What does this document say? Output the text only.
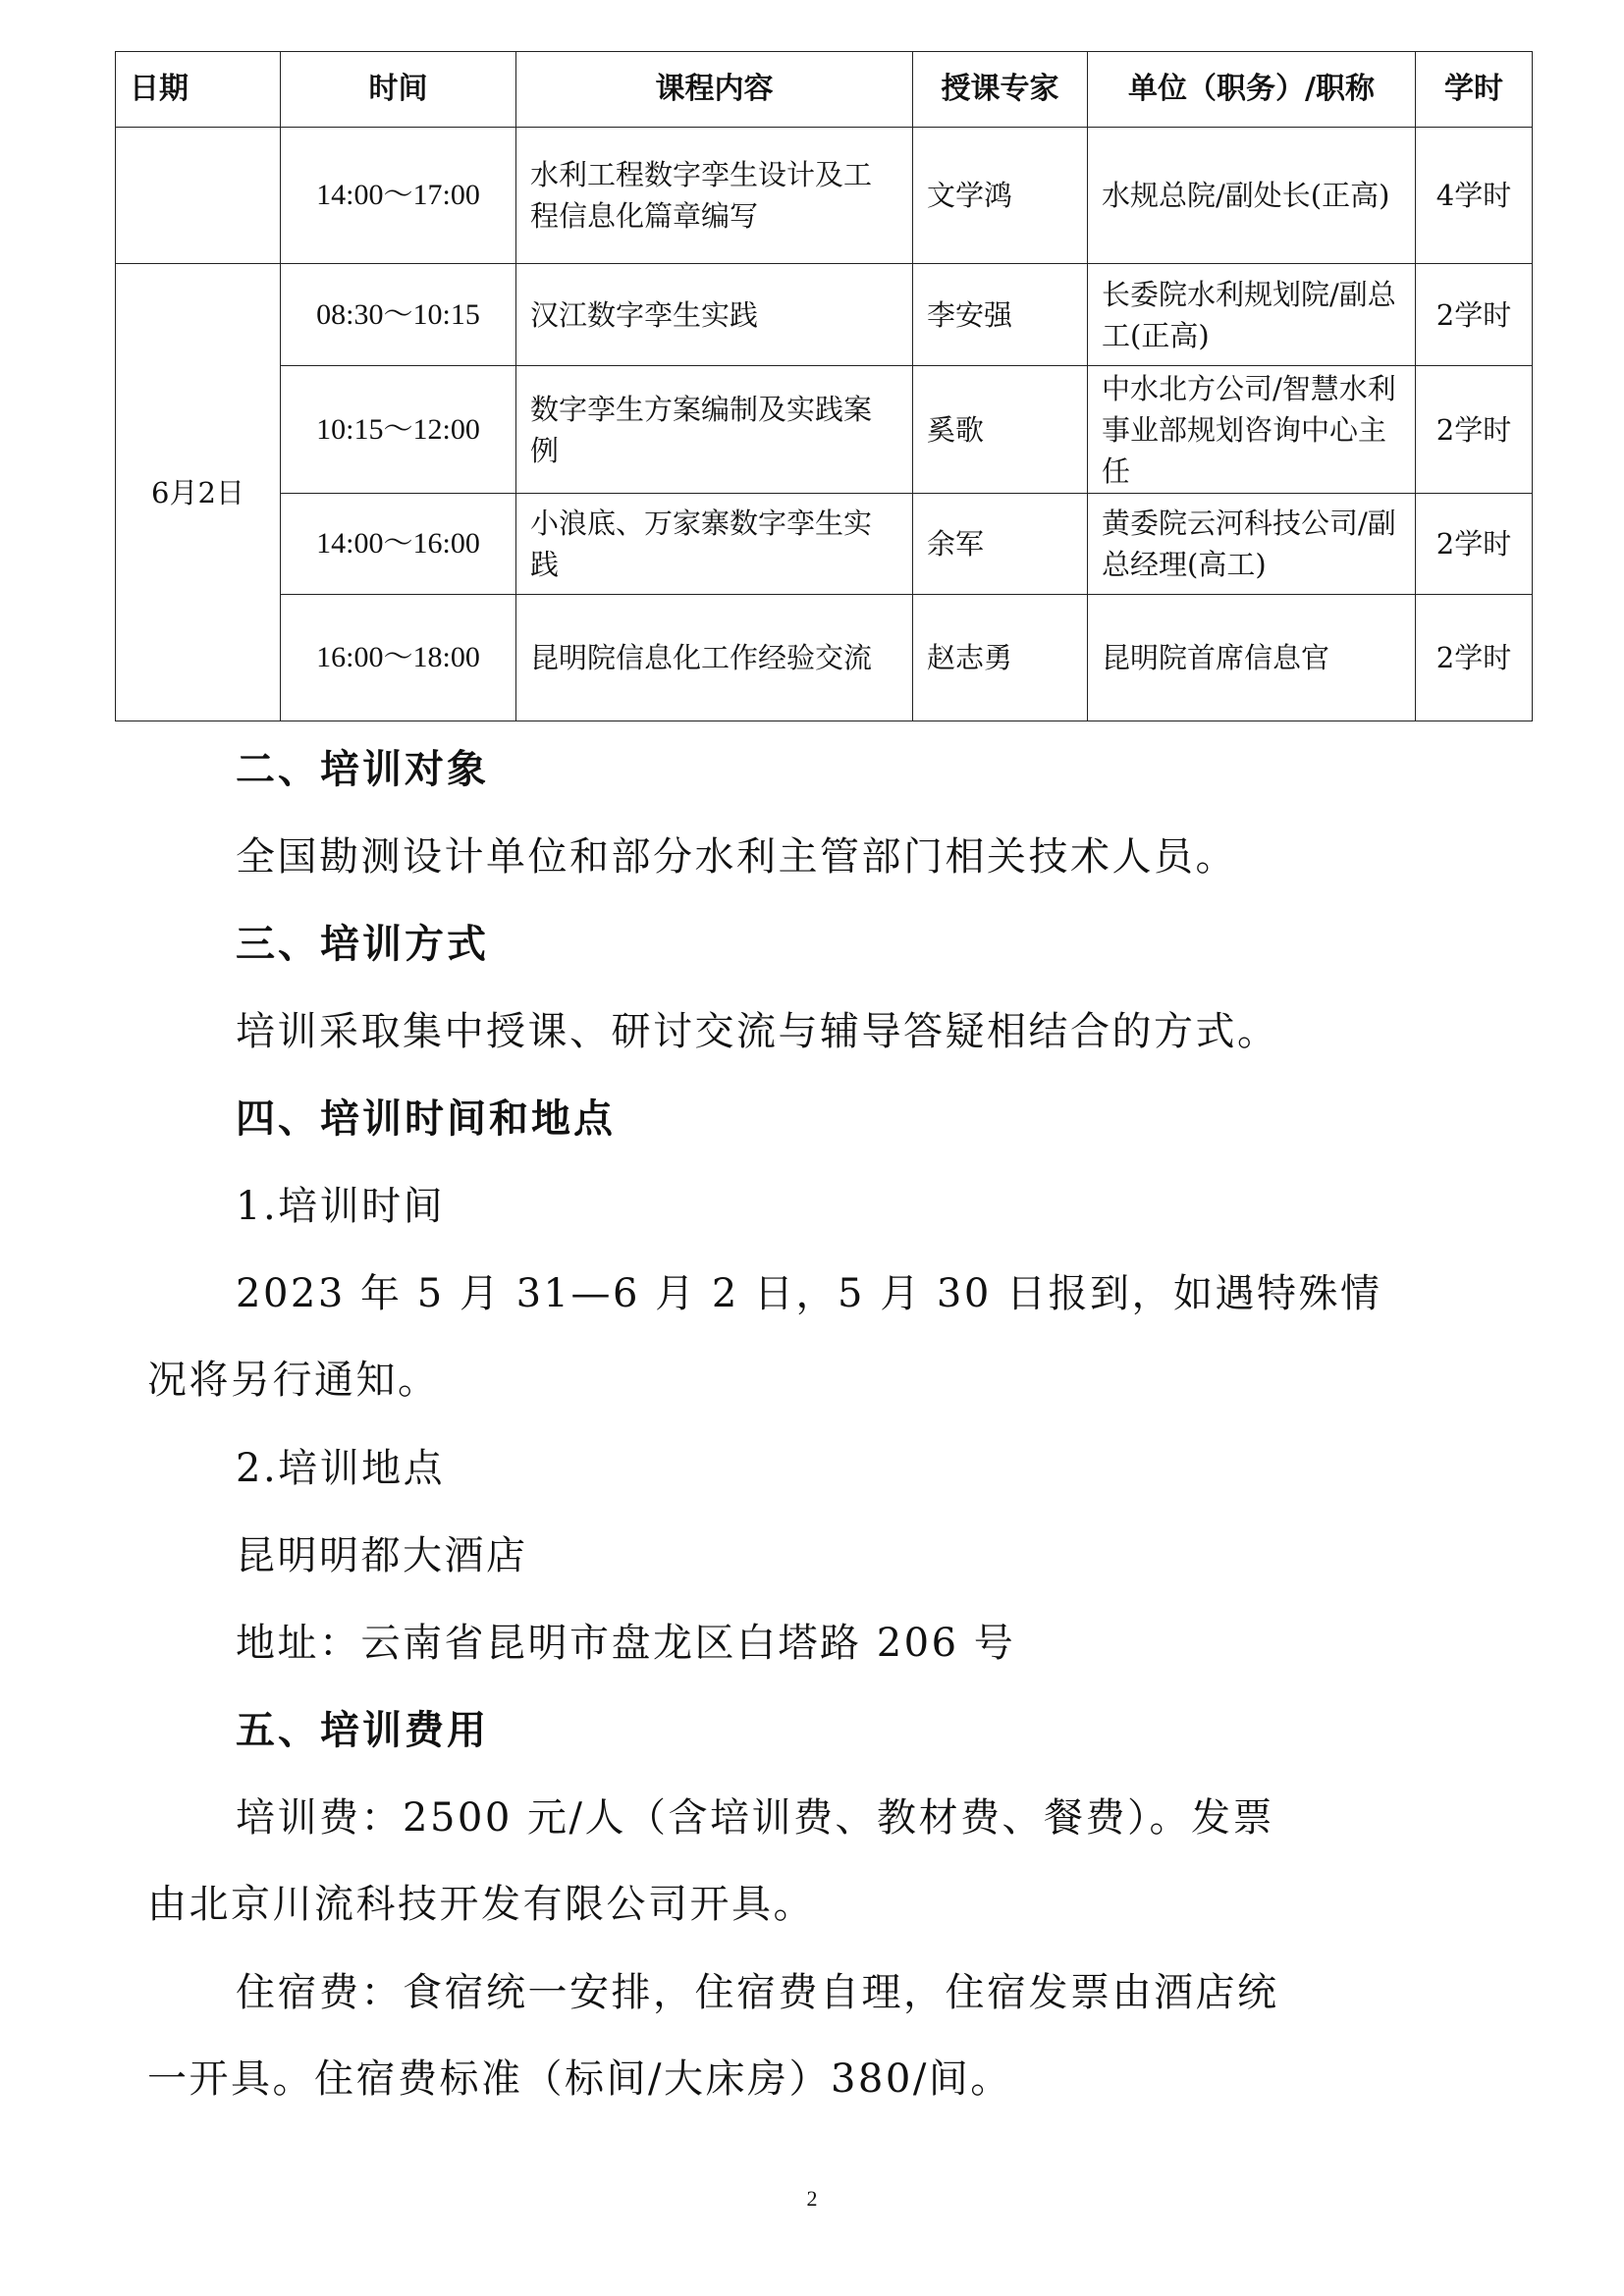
日期	时间	课程内容	授课专家	单位（职务）/职称	学时
	14:00～17:00	水利工程数字孪生设计及工程信息化篇章编写	文学鸿	水规总院/副处长(正高)	4学时
6月2日	08:30～10:15	汉江数字孪生实践	李安强	长委院水利规划院/副总工(正高)	2学时
	10:15～12:00	数字孪生方案编制及实践案例	奚歌	中水北方公司/智慧水利事业部规划咨询中心主任	2学时
	14:00～16:00	小浪底、万家寨数字孪生实践	余军	黄委院云河科技公司/副总经理(高工)	2学时
	16:00～18:00	昆明院信息化工作经验交流	赵志勇	昆明院首席信息官	2学时
二、培训对象
全国勘测设计单位和部分水利主管部门相关技术人员。
三、培训方式
培训采取集中授课、研讨交流与辅导答疑相结合的方式。
四、培训时间和地点
1.培训时间
2023 年 5 月 31—6 月 2 日，5 月 30 日报到，如遇特殊情
况将另行通知。
2.培训地点
昆明明都大酒店
地址：云南省昆明市盘龙区白塔路 206 号
五、培训费用
培训费：2500 元/人（含培训费、教材费、餐费）。发票
由北京川流科技开发有限公司开具。
住宿费：食宿统一安排，住宿费自理，住宿发票由酒店统
一开具。住宿费标准（标间/大床房）380/间。
2
